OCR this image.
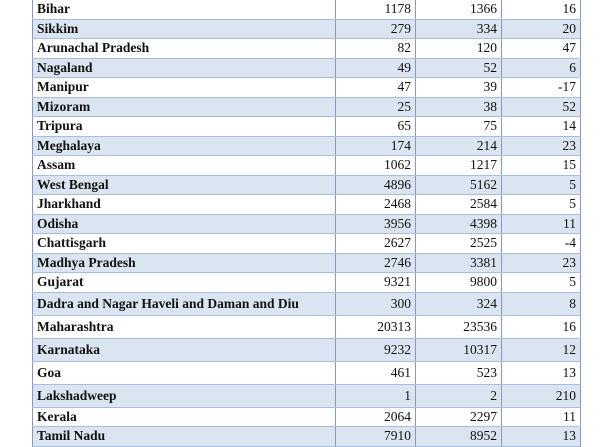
Bihar	1178	1366	16
Sikkim	279	334	20
Arunachal Pradesh	82	120	47
Nagaland	49	52	6
Manipur	47	39	-17
Mizoram	25	38	52
Tripura	65	75	14
Meghalaya	174	214	23
Assam	1062	1217	15
West Bengal	4896	5162	5
Jharkhand	2468	2584	5
Odisha	3956	4398	11
Chattisgarh	2627	2525	-4
Madhya Pradesh	2746	3381	23
Gujarat	9321	9800	5
Dadra and Nagar Haveli and Daman and Diu	300	324	8
Maharashtra	20313	23536	16
Karnataka	9232	10317	12
Goa	461	523	13
Lakshadweep	1	2	210
Kerala	2064	2297	11
Tamil Nadu	7910	8952	13
